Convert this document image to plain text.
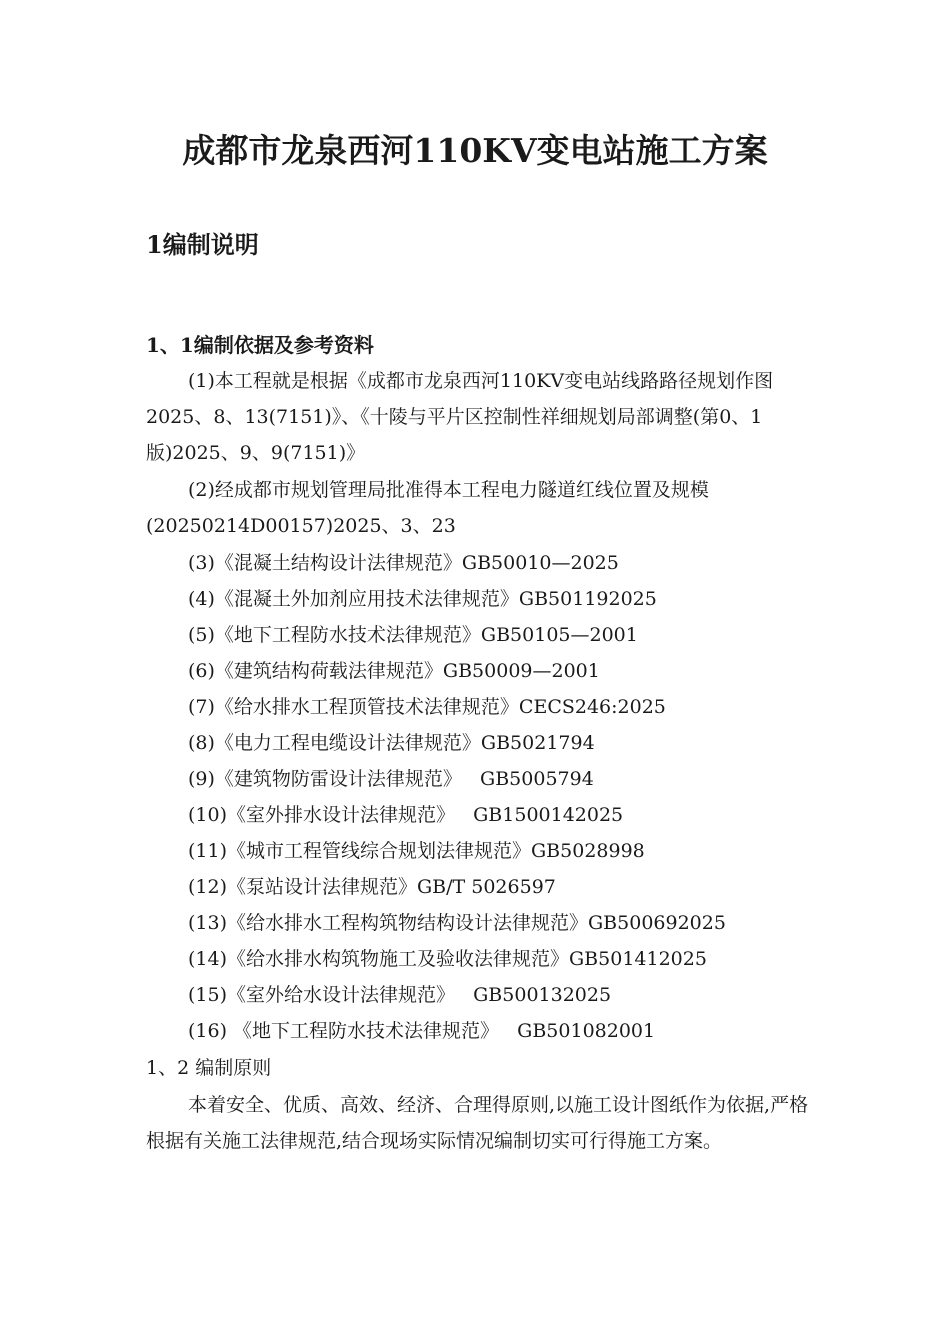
成都市龙泉西河110KV变电站施工方案
1编制说明
1、1编制依据及参考资料
(1)本工程就是根据《成都市龙泉西河110KV变电站线路路径规划作图2025、8、13(7151)》、《十陵与平片区控制性祥细规划局部调整(第0、1版)2025、9、9(7151)》
(2)经成都市规划管理局批准得本工程电力隧道红线位置及规模(20250214D00157)2025、3、23
(3)《混凝土结构设计法律规范》GB50010—2025
(4)《混凝土外加剂应用技术法律规范》GB501192025
(5)《地下工程防水技术法律规范》GB50105—2001
(6)《建筑结构荷载法律规范》GB50009—2001
(7)《给水排水工程顶管技术法律规范》CECS246:2025
(8)《电力工程电缆设计法律规范》GB5021794
(9)《建筑物防雷设计法律规范》   GB5005794
(10)《室外排水设计法律规范》   GB1500142025
(11)《城市工程管线综合规划法律规范》GB5028998
(12)《泵站设计法律规范》GB/T 5026597
(13)《给水排水工程构筑物结构设计法律规范》GB500692025
(14)《给水排水构筑物施工及验收法律规范》GB501412025
(15)《室外给水设计法律规范》   GB500132025
(16) 《地下工程防水技术法律规范》   GB501082001
1、2 编制原则
本着安全、优质、高效、经济、合理得原则,以施工设计图纸作为依据,严格根据有关施工法律规范,结合现场实际情况编制切实可行得施工方案。
